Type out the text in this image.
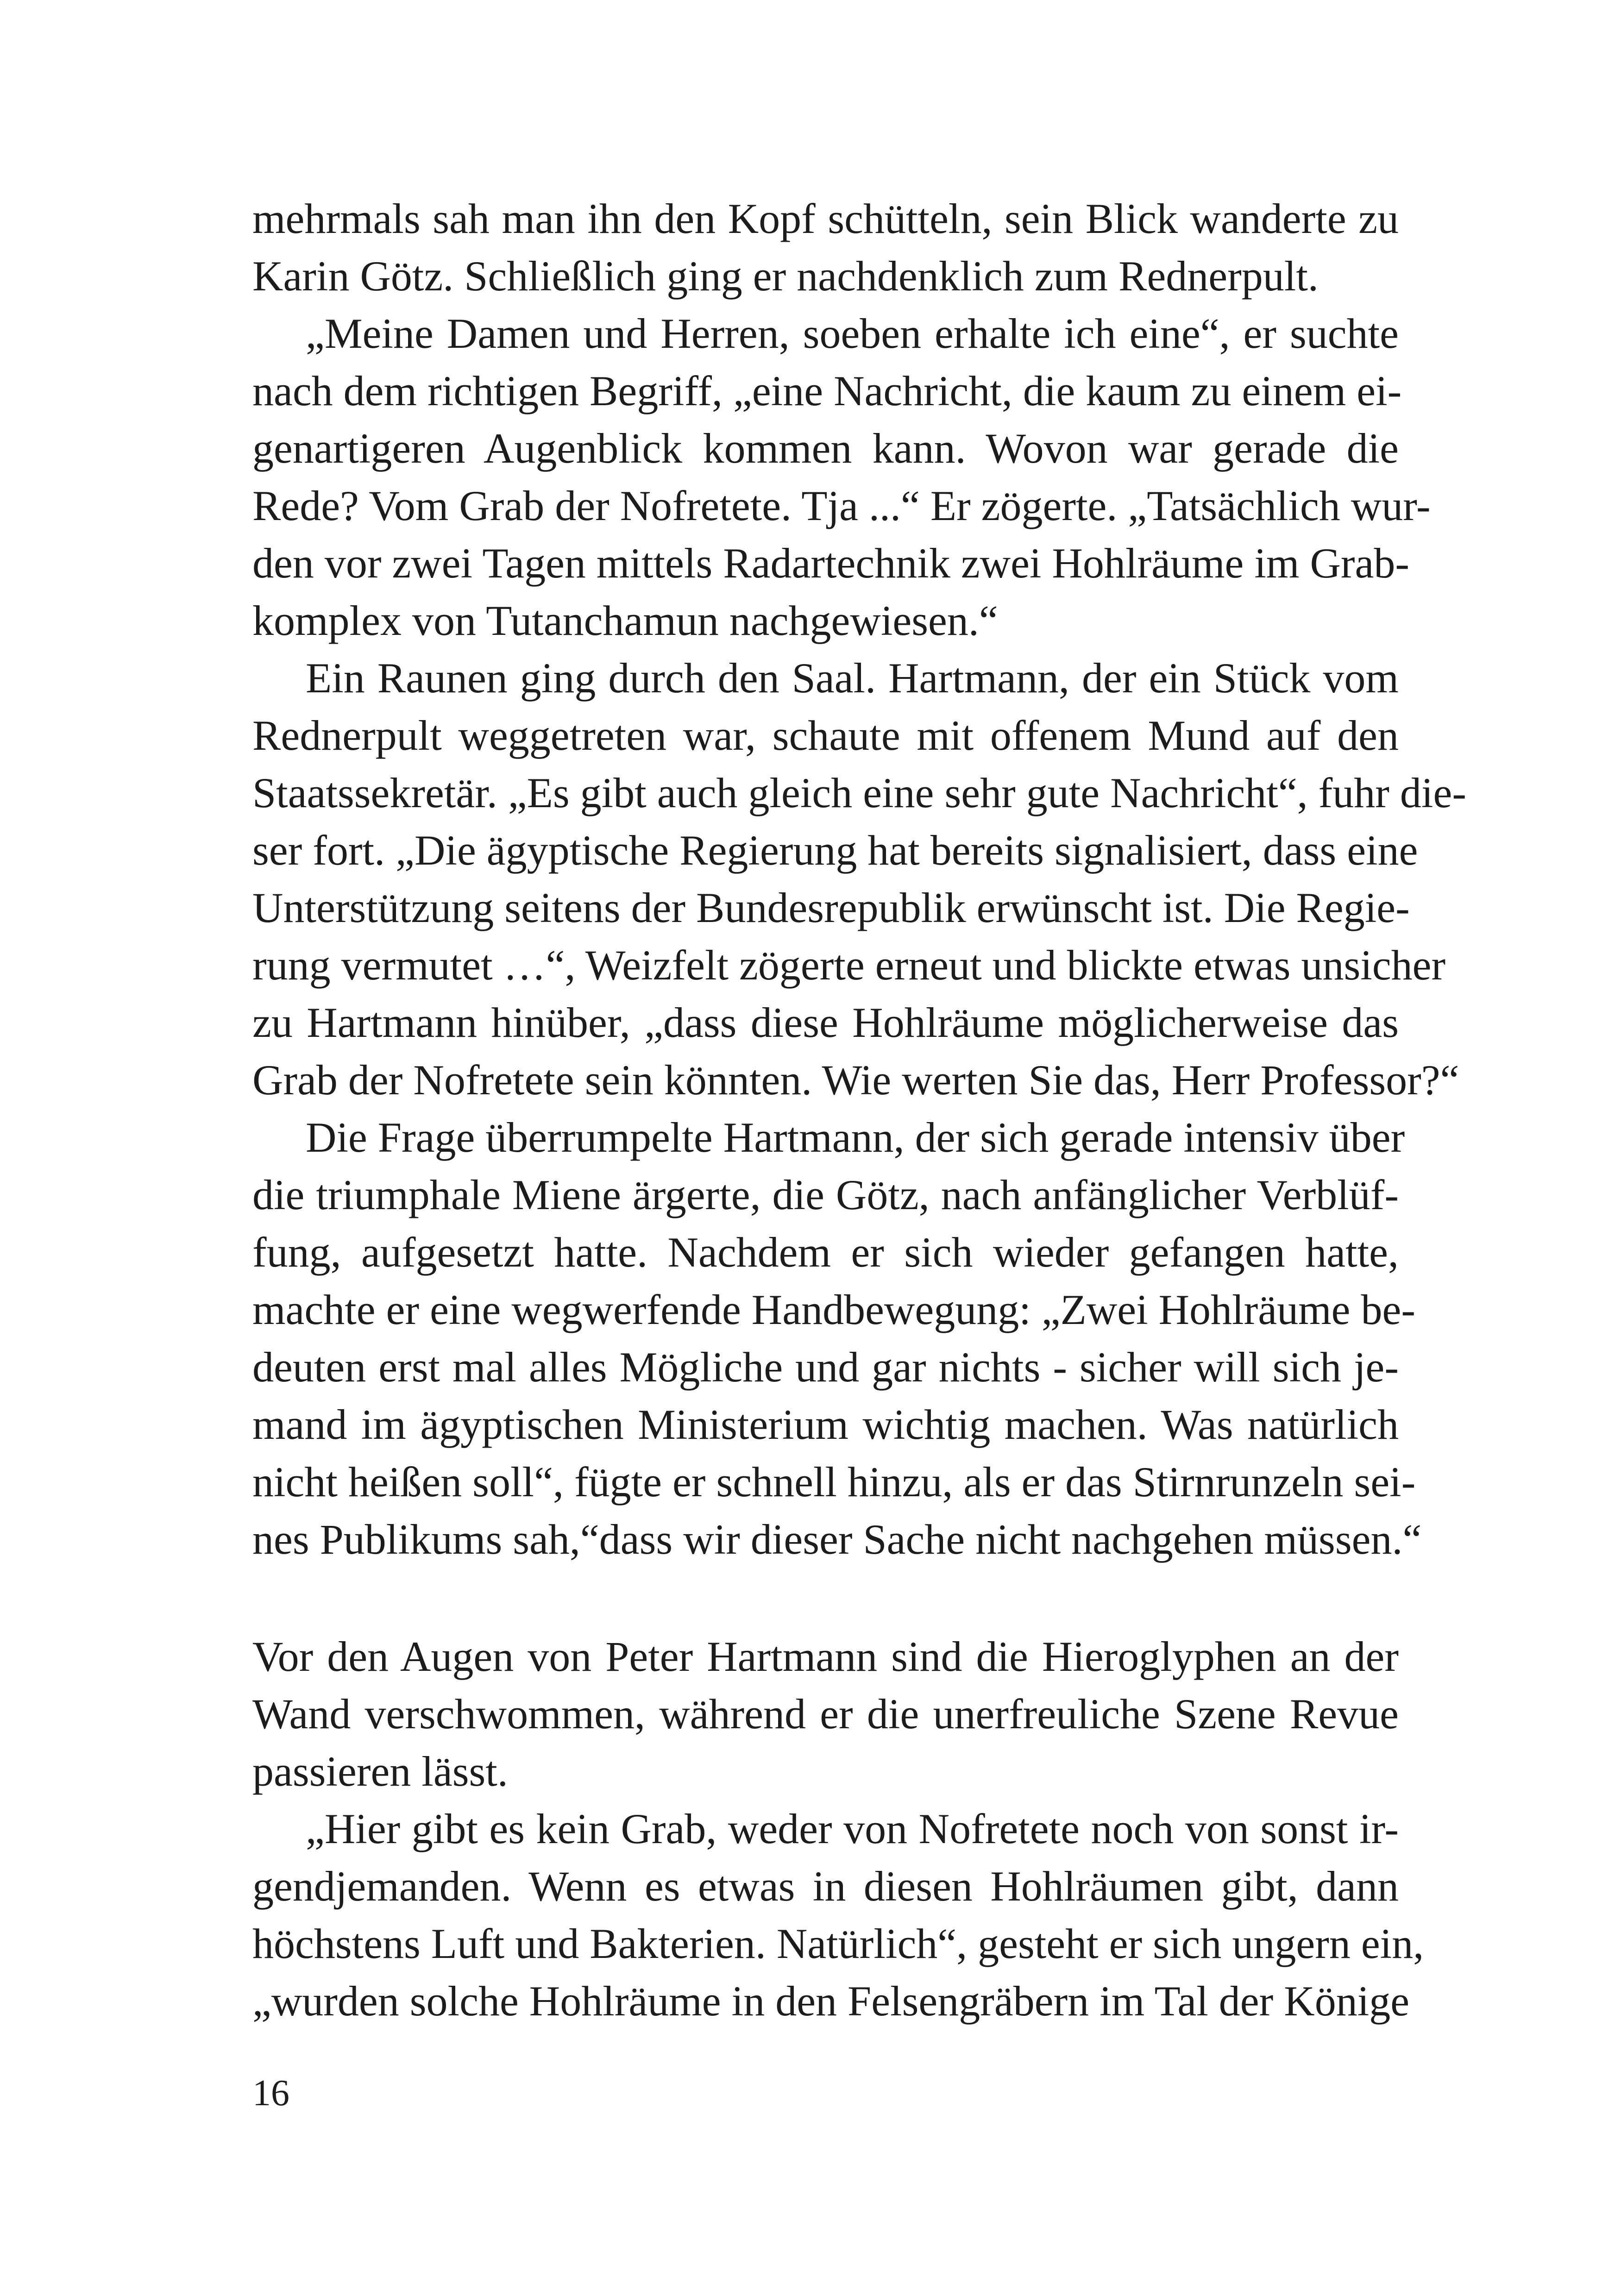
mehrmals sah man ihn den Kopf schütteln, sein Blick wanderte zu
Karin Götz. Schließlich ging er nachdenklich zum Rednerpult.
„Meine Damen und Herren, soeben erhalte ich eine“, er suchte
nach dem richtigen Begriff, „eine Nachricht, die kaum zu einem ei-
genartigeren Augenblick kommen kann. Wovon war gerade die
Rede? Vom Grab der Nofretete. Tja ...“ Er zögerte. „Tatsächlich wur-
den vor zwei Tagen mittels Radartechnik zwei Hohlräume im Grab-
komplex von Tutanchamun nachgewiesen.“
Ein Raunen ging durch den Saal. Hartmann, der ein Stück vom
Rednerpult weggetreten war, schaute mit offenem Mund auf den
Staatssekretär. „Es gibt auch gleich eine sehr gute Nachricht“, fuhr die-
ser fort. „Die ägyptische Regierung hat bereits signalisiert, dass eine
Unterstützung seitens der Bundesrepublik erwünscht ist. Die Regie-
rung vermutet …“, Weizfelt zögerte erneut und blickte etwas unsicher
zu Hartmann hinüber, „dass diese Hohlräume möglicherweise das
Grab der Nofretete sein könnten. Wie werten Sie das, Herr Professor?“
Die Frage überrumpelte Hartmann, der sich gerade intensiv über
die triumphale Miene ärgerte, die Götz, nach anfänglicher Verblüf-
fung, aufgesetzt hatte. Nachdem er sich wieder gefangen hatte,
machte er eine wegwerfende Handbewegung: „Zwei Hohlräume be-
deuten erst mal alles Mögliche und gar nichts - sicher will sich je-
mand im ägyptischen Ministerium wichtig machen. Was natürlich
nicht heißen soll“, fügte er schnell hinzu, als er das Stirnrunzeln sei-
nes Publikums sah,“dass wir dieser Sache nicht nachgehen müssen.“
Vor den Augen von Peter Hartmann sind die Hieroglyphen an der
Wand verschwommen, während er die unerfreuliche Szene Revue
passieren lässt.
„Hier gibt es kein Grab, weder von Nofretete noch von sonst ir-
gendjemanden. Wenn es etwas in diesen Hohlräumen gibt, dann
höchstens Luft und Bakterien. Natürlich“, gesteht er sich ungern ein,
„wurden solche Hohlräume in den Felsengräbern im Tal der Könige
16
